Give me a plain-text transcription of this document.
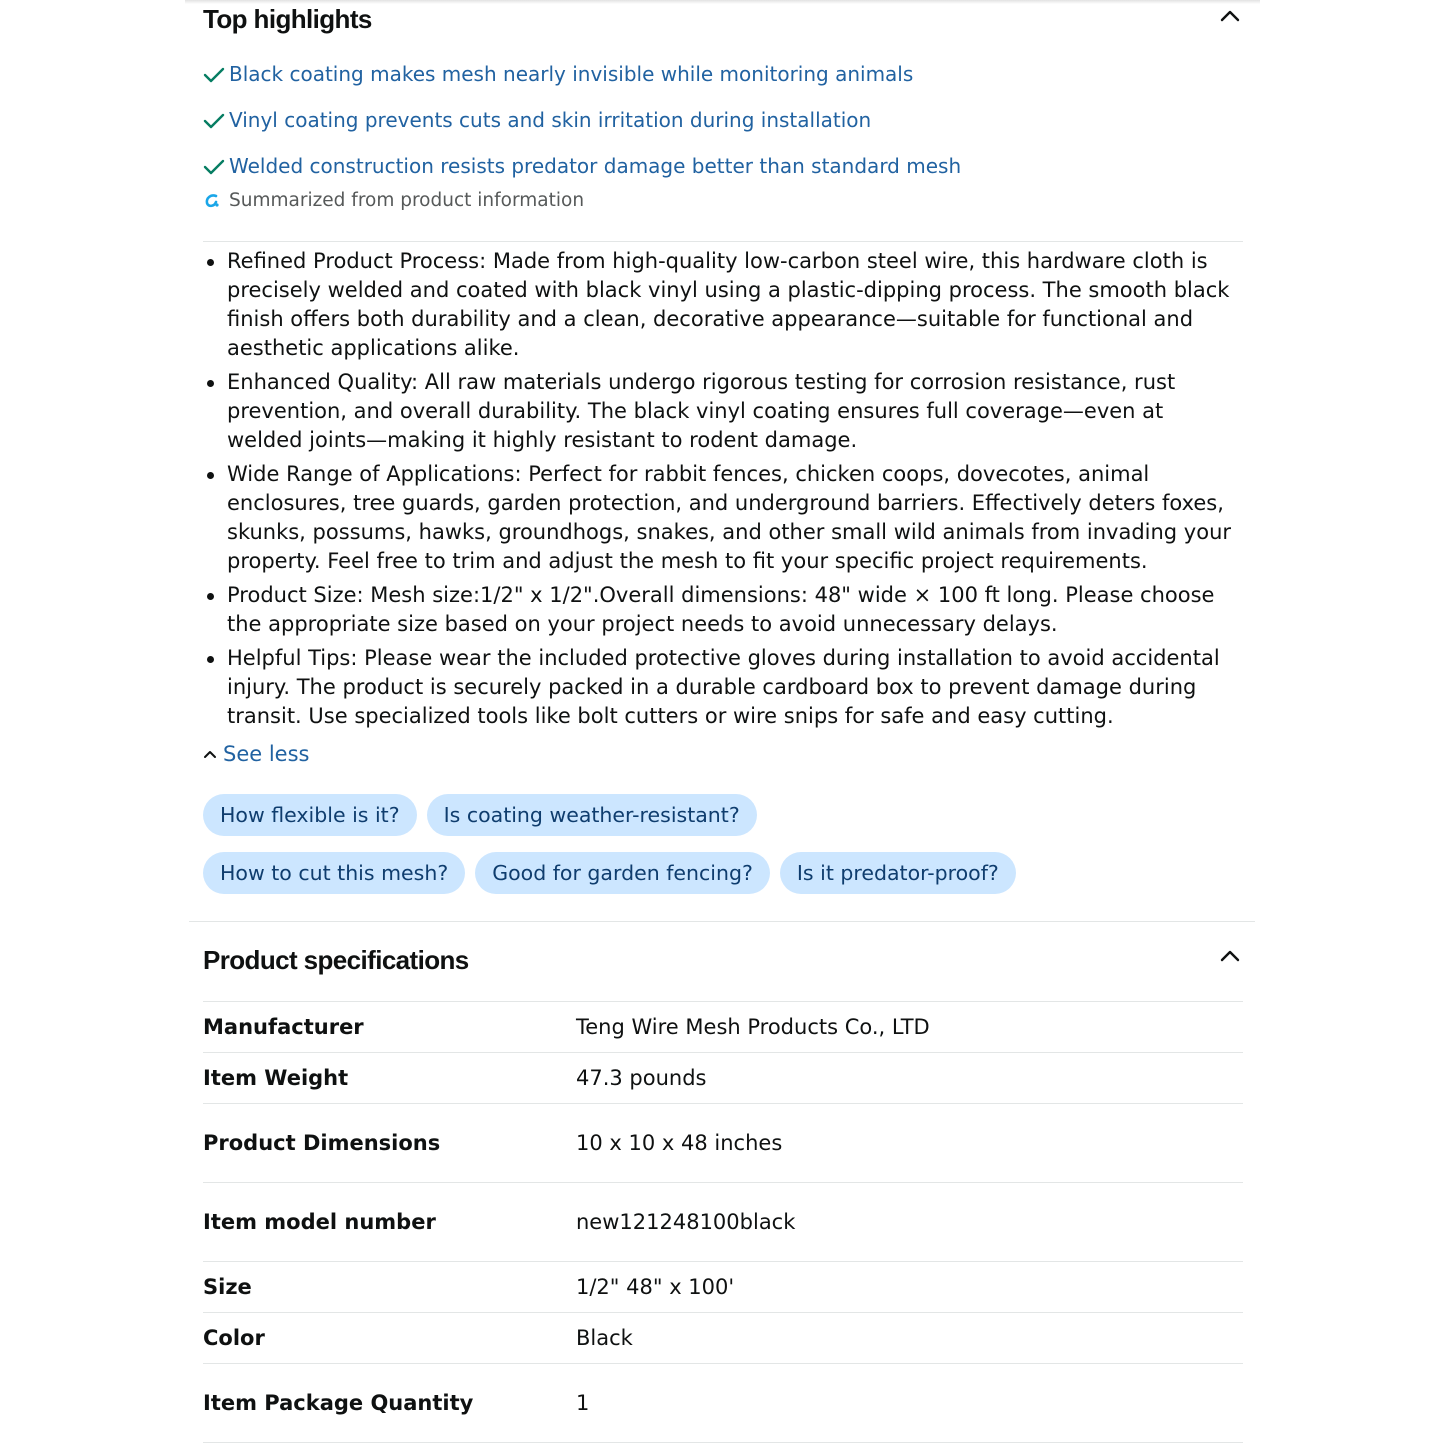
Top highlights
Black coating makes mesh nearly invisible while monitoring animals
Vinyl coating prevents cuts and skin irritation during installation
Welded construction resists predator damage better than standard mesh
Summarized from product information
Refined Product Process: Made from high-quality low-carbon steel wire, this hardware cloth is precisely welded and coated with black vinyl using a plastic-dipping process. The smooth black finish offers both durability and a clean, decorative appearance—suitable for functional and aesthetic applications alike.
Enhanced Quality: All raw materials undergo rigorous testing for corrosion resistance, rust prevention, and overall durability. The black vinyl coating ensures full coverage—even at welded joints—making it highly resistant to rodent damage.
Wide Range of Applications: Perfect for rabbit fences, chicken coops, dovecotes, animal enclosures, tree guards, garden protection, and underground barriers. Effectively deters foxes, skunks, possums, hawks, groundhogs, snakes, and other small wild animals from invading your property. Feel free to trim and adjust the mesh to fit your specific project requirements.
Product Size: Mesh size:1/2" x 1/2".Overall dimensions: 48" wide × 100 ft long. Please choose the appropriate size based on your project needs to avoid unnecessary delays.
Helpful Tips: Please wear the included protective gloves during installation to avoid accidental injury. The product is securely packed in a durable cardboard box to prevent damage during transit. Use specialized tools like bolt cutters or wire snips for safe and easy cutting.
See less
How flexible is it?	Is coating weather-resistant?
How to cut this mesh?	Good for garden fencing?	Is it predator-proof?
Product specifications
Manufacturer	Teng Wire Mesh Products Co., LTD
Item Weight	47.3 pounds
Product Dimensions	10 x 10 x 48 inches
Item model number	new121248100black
Size	1/2" 48" x 100'
Color	Black
Item Package Quantity	1
